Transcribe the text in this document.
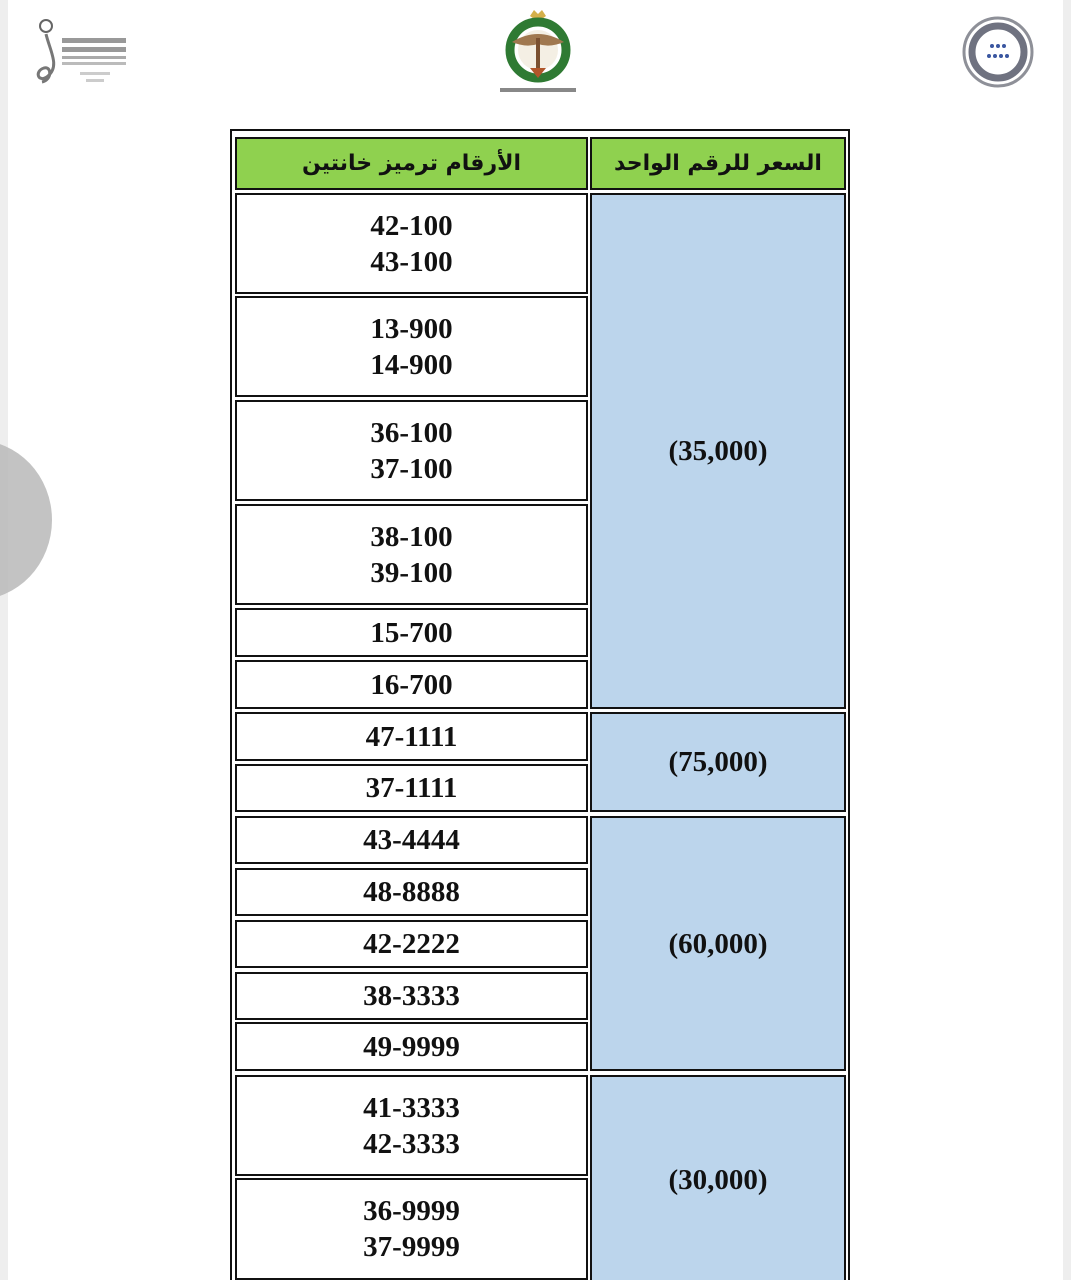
الأرقام ترميز خانتين	السعر للرقم الواحد
42-100
43-100
13-900
14-900
36-100
37-100
38-100
39-100
15-700
16-700
47-1111
37-1111
43-4444
48-8888
42-2222
38-3333
49-9999
41-3333
42-3333
36-9999
37-9999
(35,000)
(75,000)
(60,000)
(30,000)
